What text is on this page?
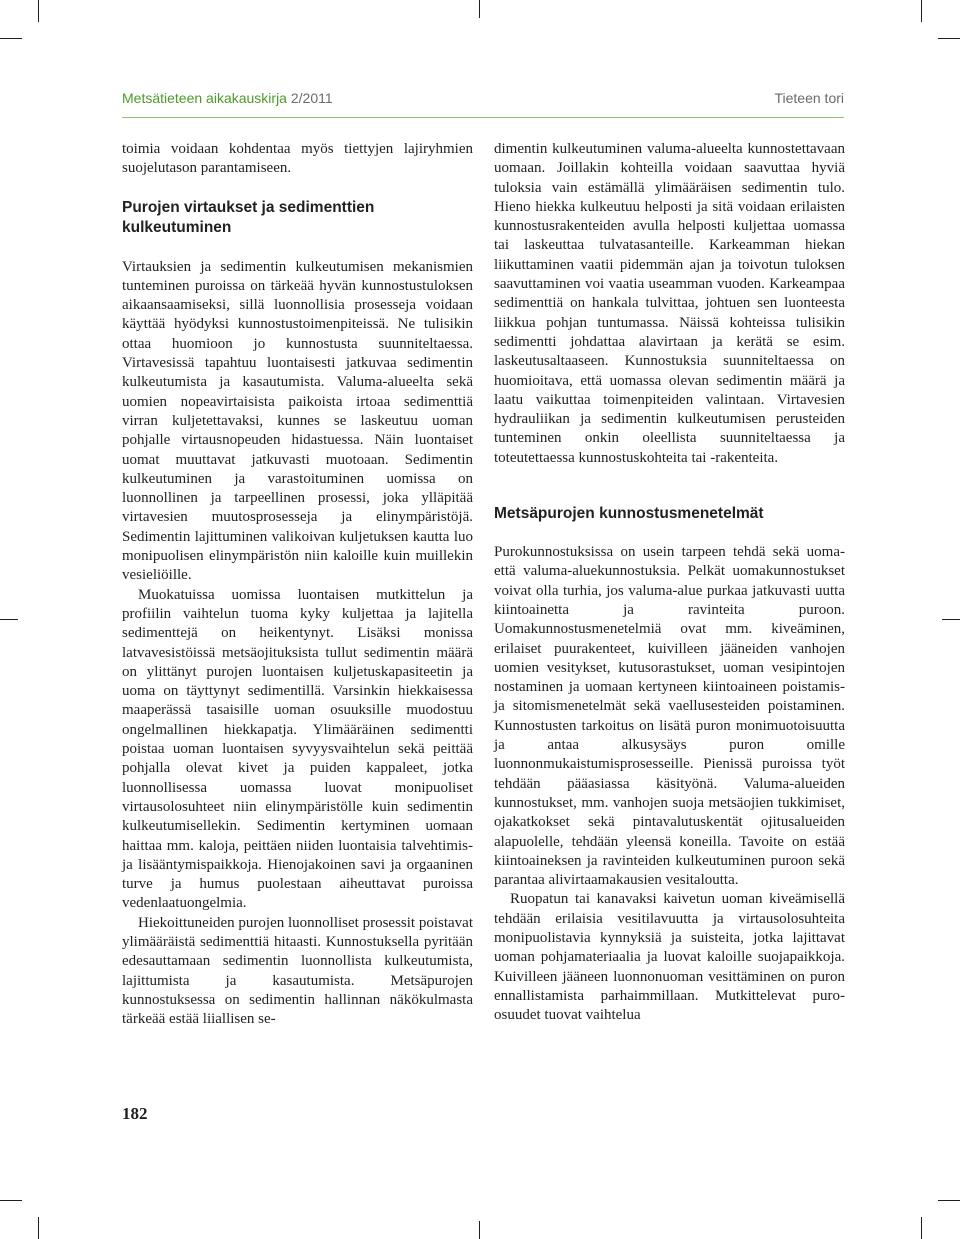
Metsätieteen aikakauskirja 2/2011	Tieteen tori

toimia voidaan kohdentaa myös tiettyjen lajiryhmien suojelutason parantamiseen.

Purojen virtaukset ja sedimenttien kulkeutuminen

Virtauksien ja sedimentin kulkeutumisen mekanismien tunteminen puroissa on tärkeää hyvän kunnostustuloksen aikaansaamiseksi, sillä luonnollisia prosesseja voidaan käyttää hyödyksi kunnostustoimenpiteissä. Ne tulisikin ottaa huomioon jo kunnostusta suunniteltaessa. Virtavesissä tapahtuu luontaisesti jatkuvaa sedimentin kulkeutumista ja kasautumista. Valuma-alueelta sekä uomien nopeavirtaisista paikoista irtoaa sedimenttiä virran kuljetettavaksi, kunnes se laskeutuu uoman pohjalle virtausnopeuden hidastuessa. Näin luontaiset uomat muuttavat jatkuvasti muotoaan. Sedimentin kulkeutuminen ja varastoituminen uomissa on luonnollinen ja tarpeellinen prosessi, joka ylläpitää virtavesien muutosprosesseja ja elinympäristöjä. Sedimentin lajittuminen valikoivan kuljetuksen kautta luo monipuolisen elinympäristön niin kaloille kuin muillekin vesieliöille.

Muokatuissa uomissa luontaisen mutkittelun ja profiilin vaihtelun tuoma kyky kuljettaa ja lajitella sedimenttejä on heikentynyt. Lisäksi monissa latvavesistöissä metsäojituksista tullut sedimentin määrä on ylittänyt purojen luontaisen kuljetuskapasiteetin ja uoma on täyttynyt sedimentillä. Varsinkin hiekkaisessa maaperässä tasaisille uoman osuuksille muodostuu ongelmallinen hiekkapatja. Ylimääräinen sedimentti poistaa uoman luontaisen syvyysvaihtelun sekä peittää pohjalla olevat kivet ja puiden kappaleet, jotka luonnollisessa uomassa luovat monipuoliset virtausolosuhteet niin elinympäristölle kuin sedimentin kulkeutumisellekin. Sedimentin kertyminen uomaan haittaa mm. kaloja, peittäen niiden luontaisia talvehtimis- ja lisääntymispaikkoja. Hienojakoinen savi ja orgaaninen turve ja humus puolestaan aiheuttavat puroissa vedenlaatuongelmia.

Hiekoittuneiden purojen luonnolliset prosessit poistavat ylimääräistä sedimenttiä hitaasti. Kunnostuksella pyritään edesauttamaan sedimentin luonnollista kulkeutumista, lajittumista ja kasautumista. Metsäpurojen kunnostuksessa on sedimentin hallinnan näkökulmasta tärkeää estää liiallisen se-

dimentin kulkeutuminen valuma-alueelta kunnostettavaan uomaan. Joillakin kohteilla voidaan saavuttaa hyviä tuloksia vain estämällä ylimääräisen sedimentin tulo. Hieno hiekka kulkeutuu helposti ja sitä voidaan erilaisten kunnostusrakenteiden avulla helposti kuljettaa uomassa tai laskeuttaa tulvatasanteille. Karkeamman hiekan liikuttaminen vaatii pidemmän ajan ja toivotun tuloksen saavuttaminen voi vaatia useamman vuoden. Karkeampaa sedimenttiä on hankala tulvittaa, johtuen sen luonteesta liikkua pohjan tuntumassa. Näissä kohteissa tulisikin sedimentti johdattaa alavirtaan ja kerätä se esim. laskeutusaltaaseen. Kunnostuksia suunniteltaessa on huomioitava, että uomassa olevan sedimentin määrä ja laatu vaikuttaa toimenpiteiden valintaan. Virtavesien hydrauliikan ja sedimentin kulkeutumisen perusteiden tunteminen onkin oleellista suunniteltaessa ja toteutettaessa kunnostuskohteita tai -rakenteita.

Metsäpurojen kunnostusmenetelmät

Purokunnostuksissa on usein tarpeen tehdä sekä uoma- että valuma-aluekunnostuksia. Pelkät uomakunnostukset voivat olla turhia, jos valuma-alue purkaa jatkuvasti uutta kiintoainetta ja ravinteita puroon. Uomakunnostusmenetelmiä ovat mm. kiveäminen, erilaiset puurakenteet, kuivilleen jääneiden vanhojen uomien vesitykset, kutusorastukset, uoman vesipintojen nostaminen ja uomaan kertyneen kiintoaineen poistamis- ja sitomismenetelmät sekä vaellusesteiden poistaminen. Kunnostusten tarkoitus on lisätä puron monimuotoisuutta ja antaa alkusysäys puron omille luonnonmukaistumisprosesseille. Pienissä puroissa työt tehdään pääasiassa käsityönä. Valuma-alueiden kunnostukset, mm. vanhojen suoja metsäojien tukkimiset, ojakatkokset sekä pintavalutuskentät ojitusalueiden alapuolelle, tehdään yleensä koneilla. Tavoite on estää kiintoaineksen ja ravinteiden kulkeutuminen puroon sekä parantaa alivirtaamakausien vesitaloutta.

Ruopatun tai kanavaksi kaivetun uoman kiveämisellä tehdään erilaisia vesitilavuutta ja virtausolosuhteita monipuolistavia kynnyksiä ja suisteita, jotka lajittavat uoman pohjamateriaalia ja luovat kaloille suojapaikkoja. Kuivilleen jääneen luonnonuoman vesittäminen on puron ennallistamista parhaimmillaan. Mutkittelevat puro-osuudet tuovat vaihtelua

182
